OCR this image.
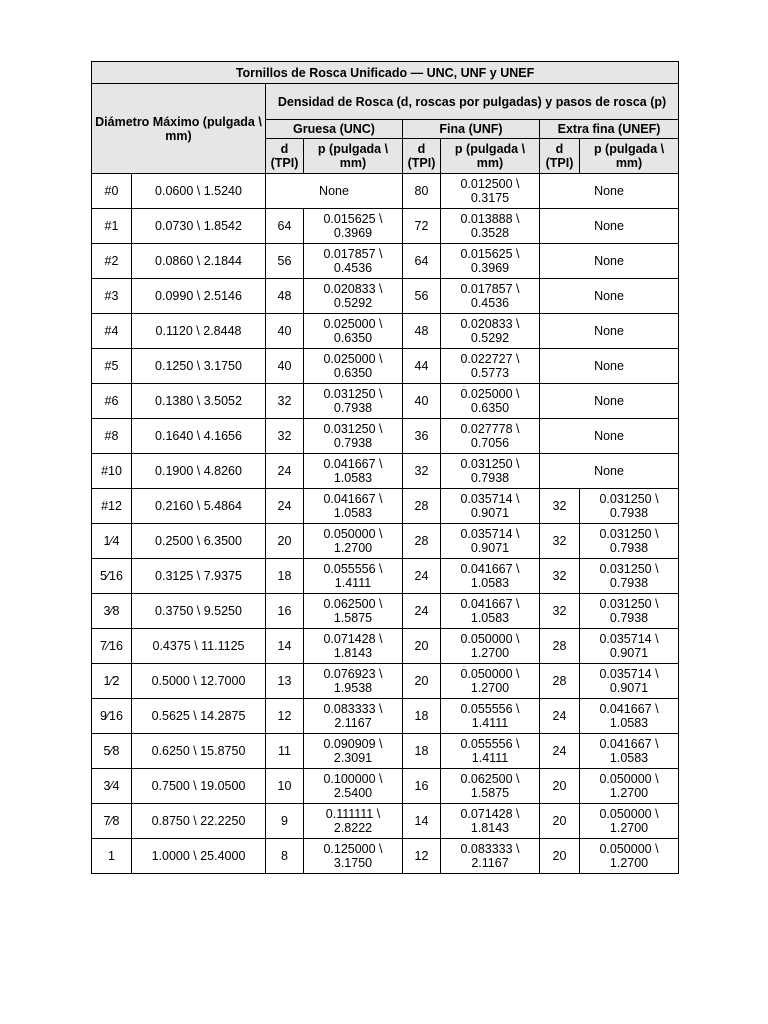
Tornillos de Rosca Unificado — UNC, UNF y UNEF							
Diámetro Máximo (pulgada \ mm)		Densidad de Rosca (d, roscas por pulgadas) y pasos de rosca (p)					
		Gruesa (UNC)		Fina (UNF)		Extra fina (UNEF)	
		d (TPI)	p (pulgada \ mm)	d (TPI)	p (pulgada \ mm)	d (TPI)	p (pulgada \ mm)
#0	0.0600 \ 1.5240	None		80	0.012500 \ 0.3175	None	
#1	0.0730 \ 1.8542	64	0.015625 \ 0.3969	72	0.013888 \ 0.3528	None	
#2	0.0860 \ 2.1844	56	0.017857 \ 0.4536	64	0.015625 \ 0.3969	None	
#3	0.0990 \ 2.5146	48	0.020833 \ 0.5292	56	0.017857 \ 0.4536	None	
#4	0.1120 \ 2.8448	40	0.025000 \ 0.6350	48	0.020833 \ 0.5292	None	
#5	0.1250 \ 3.1750	40	0.025000 \ 0.6350	44	0.022727 \ 0.5773	None	
#6	0.1380 \ 3.5052	32	0.031250 \ 0.7938	40	0.025000 \ 0.6350	None	
#8	0.1640 \ 4.1656	32	0.031250 \ 0.7938	36	0.027778 \ 0.7056	None	
#10	0.1900 \ 4.8260	24	0.041667 \ 1.0583	32	0.031250 \ 0.7938	None	
#12	0.2160 \ 5.4864	24	0.041667 \ 1.0583	28	0.035714 \ 0.9071	32	0.031250 \ 0.7938
1⁄4	0.2500 \ 6.3500	20	0.050000 \ 1.2700	28	0.035714 \ 0.9071	32	0.031250 \ 0.7938
5⁄16	0.3125 \ 7.9375	18	0.055556 \ 1.4111	24	0.041667 \ 1.0583	32	0.031250 \ 0.7938
3⁄8	0.3750 \ 9.5250	16	0.062500 \ 1.5875	24	0.041667 \ 1.0583	32	0.031250 \ 0.7938
7⁄16	0.4375 \ 11.1125	14	0.071428 \ 1.8143	20	0.050000 \ 1.2700	28	0.035714 \ 0.9071
1⁄2	0.5000 \ 12.7000	13	0.076923 \ 1.9538	20	0.050000 \ 1.2700	28	0.035714 \ 0.9071
9⁄16	0.5625 \ 14.2875	12	0.083333 \ 2.1167	18	0.055556 \ 1.4111	24	0.041667 \ 1.0583
5⁄8	0.6250 \ 15.8750	11	0.090909 \ 2.3091	18	0.055556 \ 1.4111	24	0.041667 \ 1.0583
3⁄4	0.7500 \ 19.0500	10	0.100000 \ 2.5400	16	0.062500 \ 1.5875	20	0.050000 \ 1.2700
7⁄8	0.8750 \ 22.2250	9	0.111111 \ 2.8222	14	0.071428 \ 1.8143	20	0.050000 \ 1.2700
1	1.0000 \ 25.4000	8	0.125000 \ 3.1750	12	0.083333 \ 2.1167	20	0.050000 \ 1.2700
